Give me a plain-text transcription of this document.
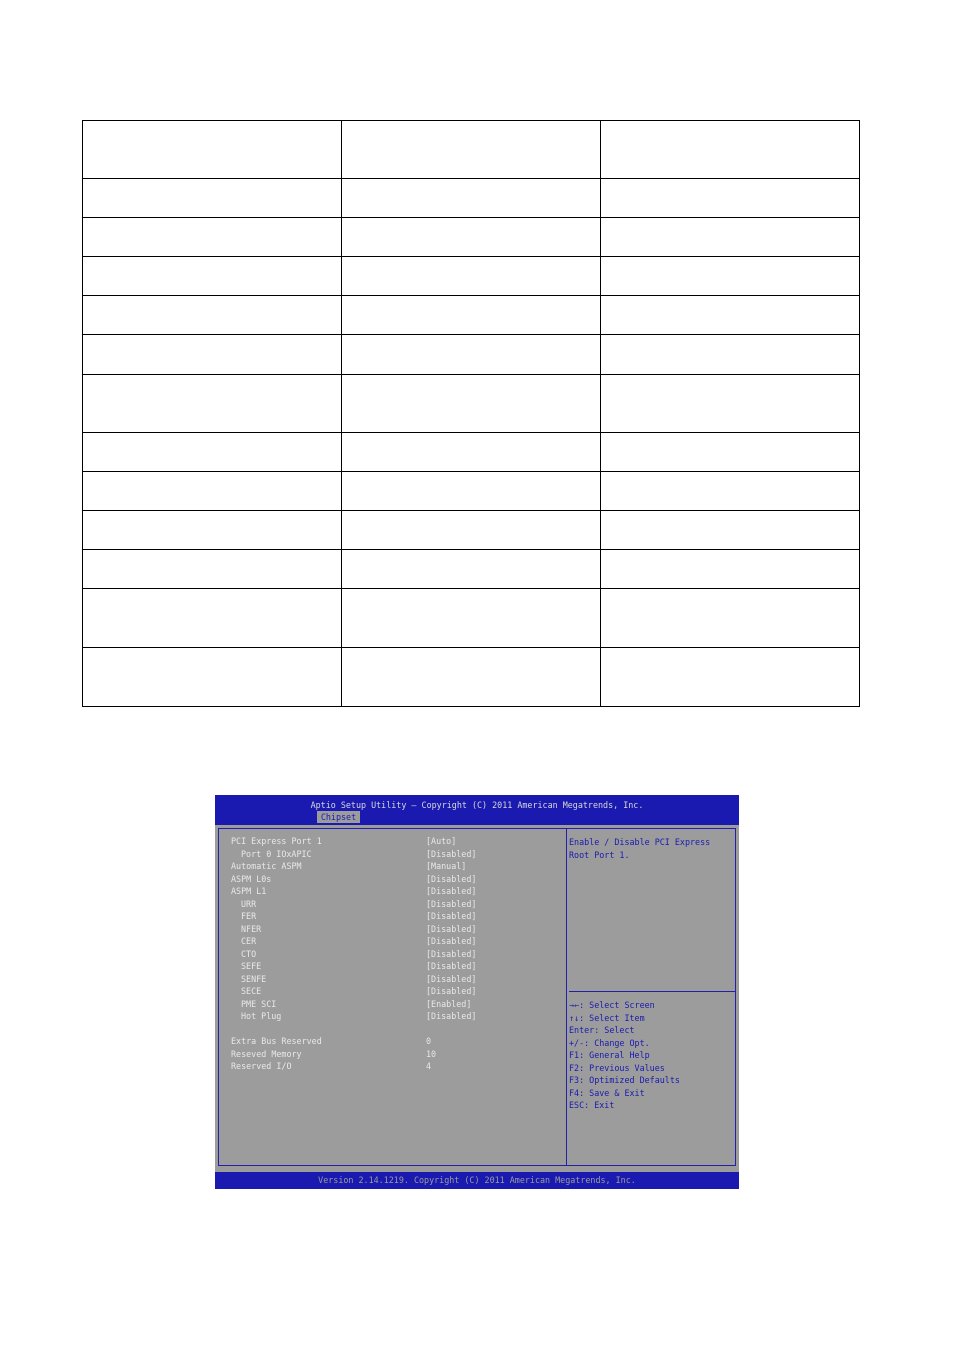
Aptio Setup Utility – Copyright (C) 2011 American Megatrends, Inc.
Chipset
PCI Express Port 1	[Auto]
Port 0 IOxAPIC	[Disabled]
Automatic ASPM	[Manual]
ASPM L0s	[Disabled]
ASPM L1	[Disabled]
URR	[Disabled]
FER	[Disabled]
NFER	[Disabled]
CER	[Disabled]
CTO	[Disabled]
SEFE	[Disabled]
SENFE	[Disabled]
SECE	[Disabled]
PME SCI	[Enabled]
Hot Plug	[Disabled]
Extra Bus Reserved	0
Reseved Memory	10
Reserved I/O	4
Enable / Disable PCI Express
Root Port 1.
→←: Select Screen
↑↓: Select Item
Enter: Select
+/-: Change Opt.
F1: General Help
F2: Previous Values
F3: Optimized Defaults
F4: Save & Exit
ESC: Exit
Version 2.14.1219. Copyright (C) 2011 American Megatrends, Inc.
